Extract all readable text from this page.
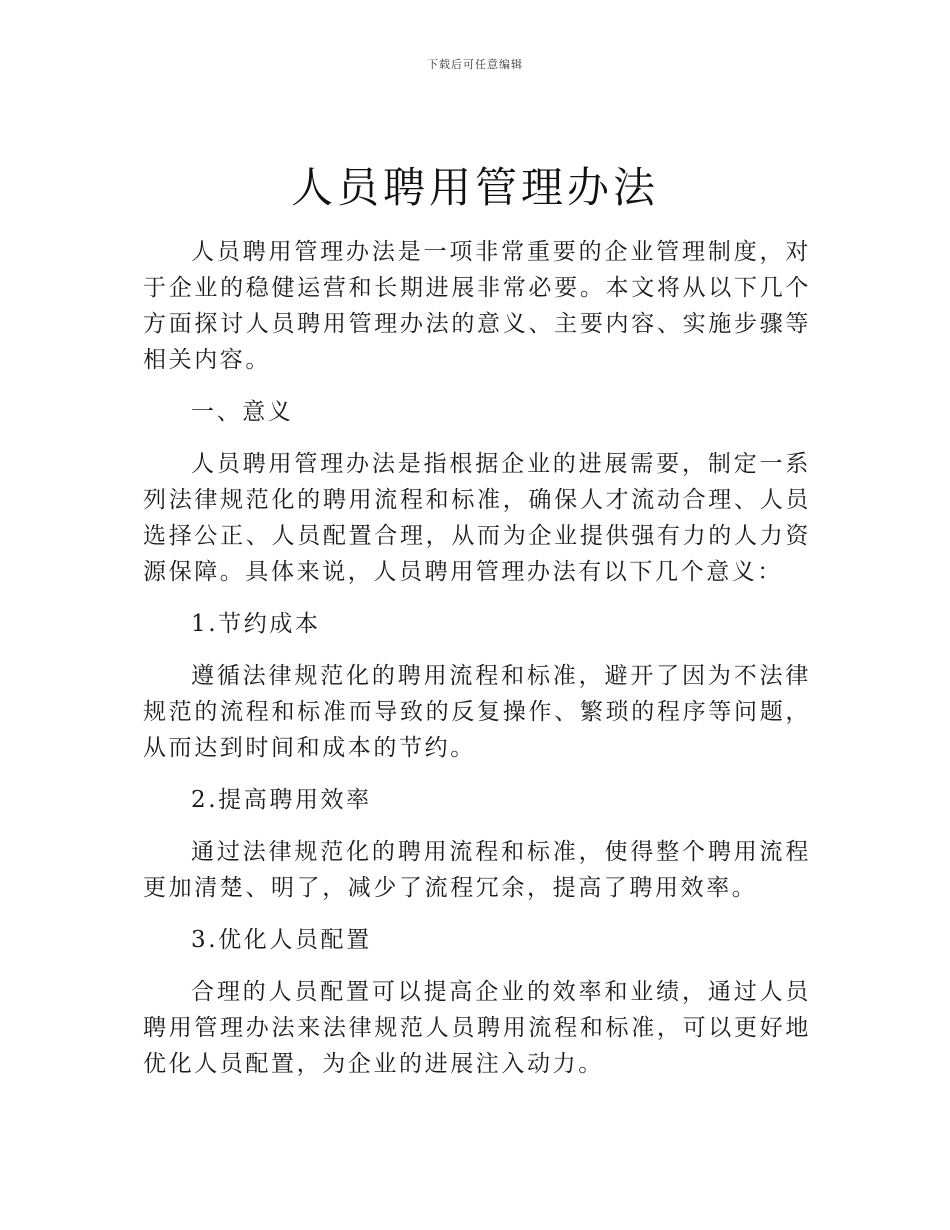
下载后可任意编辑
人员聘用管理办法

人员聘用管理办法是一项非常重要的企业管理制度，对于企业的稳健运营和长期进展非常必要。本文将从以下几个方面探讨人员聘用管理办法的意义、主要内容、实施步骤等相关内容。

一、意义

人员聘用管理办法是指根据企业的进展需要，制定一系列法律规范化的聘用流程和标准，确保人才流动合理、人员选择公正、人员配置合理，从而为企业提供强有力的人力资源保障。具体来说，人员聘用管理办法有以下几个意义：

1.节约成本

遵循法律规范化的聘用流程和标准，避开了因为不法律规范的流程和标准而导致的反复操作、繁琐的程序等问题，从而达到时间和成本的节约。

2.提高聘用效率

通过法律规范化的聘用流程和标准，使得整个聘用流程更加清楚、明了，减少了流程冗余，提高了聘用效率。

3.优化人员配置

合理的人员配置可以提高企业的效率和业绩，通过人员聘用管理办法来法律规范人员聘用流程和标准，可以更好地优化人员配置，为企业的进展注入动力。
